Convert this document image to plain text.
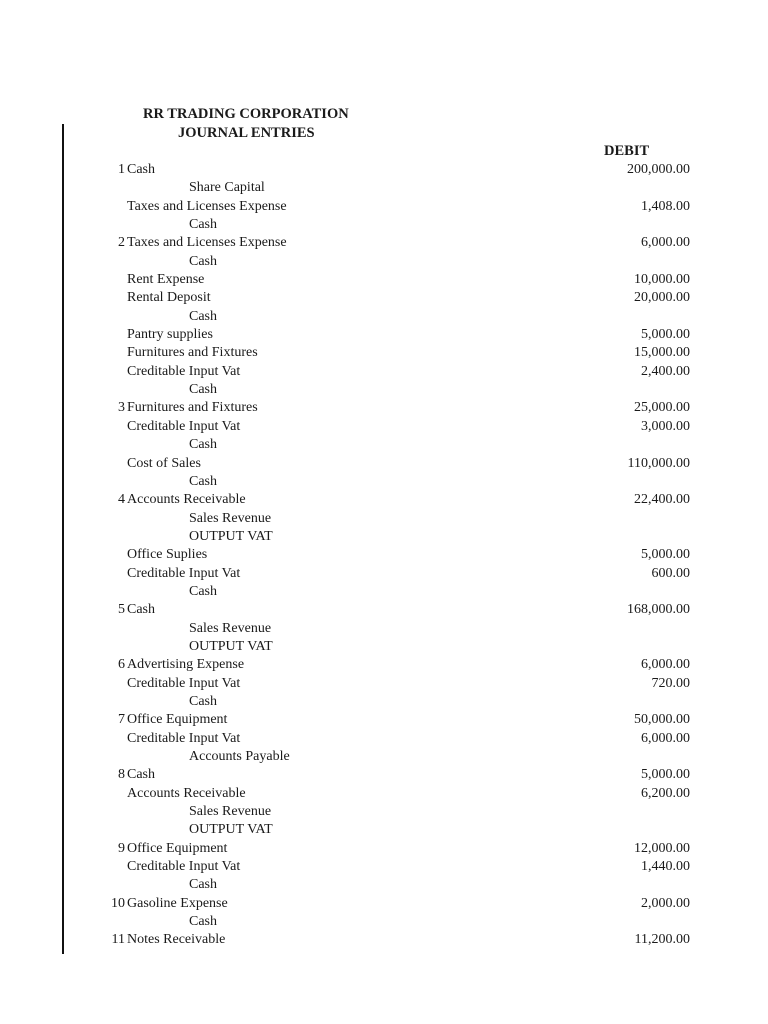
RR TRADING CORPORATION
JOURNAL ENTRIES
DEBIT
1 Cash	200,000.00
Share Capital
Taxes and Licenses Expense	1,408.00
Cash
2 Taxes and Licenses Expense	6,000.00
Cash
Rent Expense	10,000.00
Rental Deposit	20,000.00
Cash
Pantry supplies	5,000.00
Furnitures and Fixtures	15,000.00
Creditable Input Vat	2,400.00
Cash
3 Furnitures and Fixtures	25,000.00
Creditable Input Vat	3,000.00
Cash
Cost of Sales	110,000.00
Cash
4 Accounts Receivable	22,400.00
Sales Revenue
OUTPUT VAT
Office Suplies	5,000.00
Creditable Input Vat	600.00
Cash
5 Cash	168,000.00
Sales Revenue
OUTPUT VAT
6 Advertising Expense	6,000.00
Creditable Input Vat	720.00
Cash
7 Office Equipment	50,000.00
Creditable Input Vat	6,000.00
Accounts Payable
8 Cash	5,000.00
Accounts Receivable	6,200.00
Sales Revenue
OUTPUT VAT
9 Office Equipment	12,000.00
Creditable Input Vat	1,440.00
Cash
10 Gasoline Expense	2,000.00
Cash
11 Notes Receivable	11,200.00
